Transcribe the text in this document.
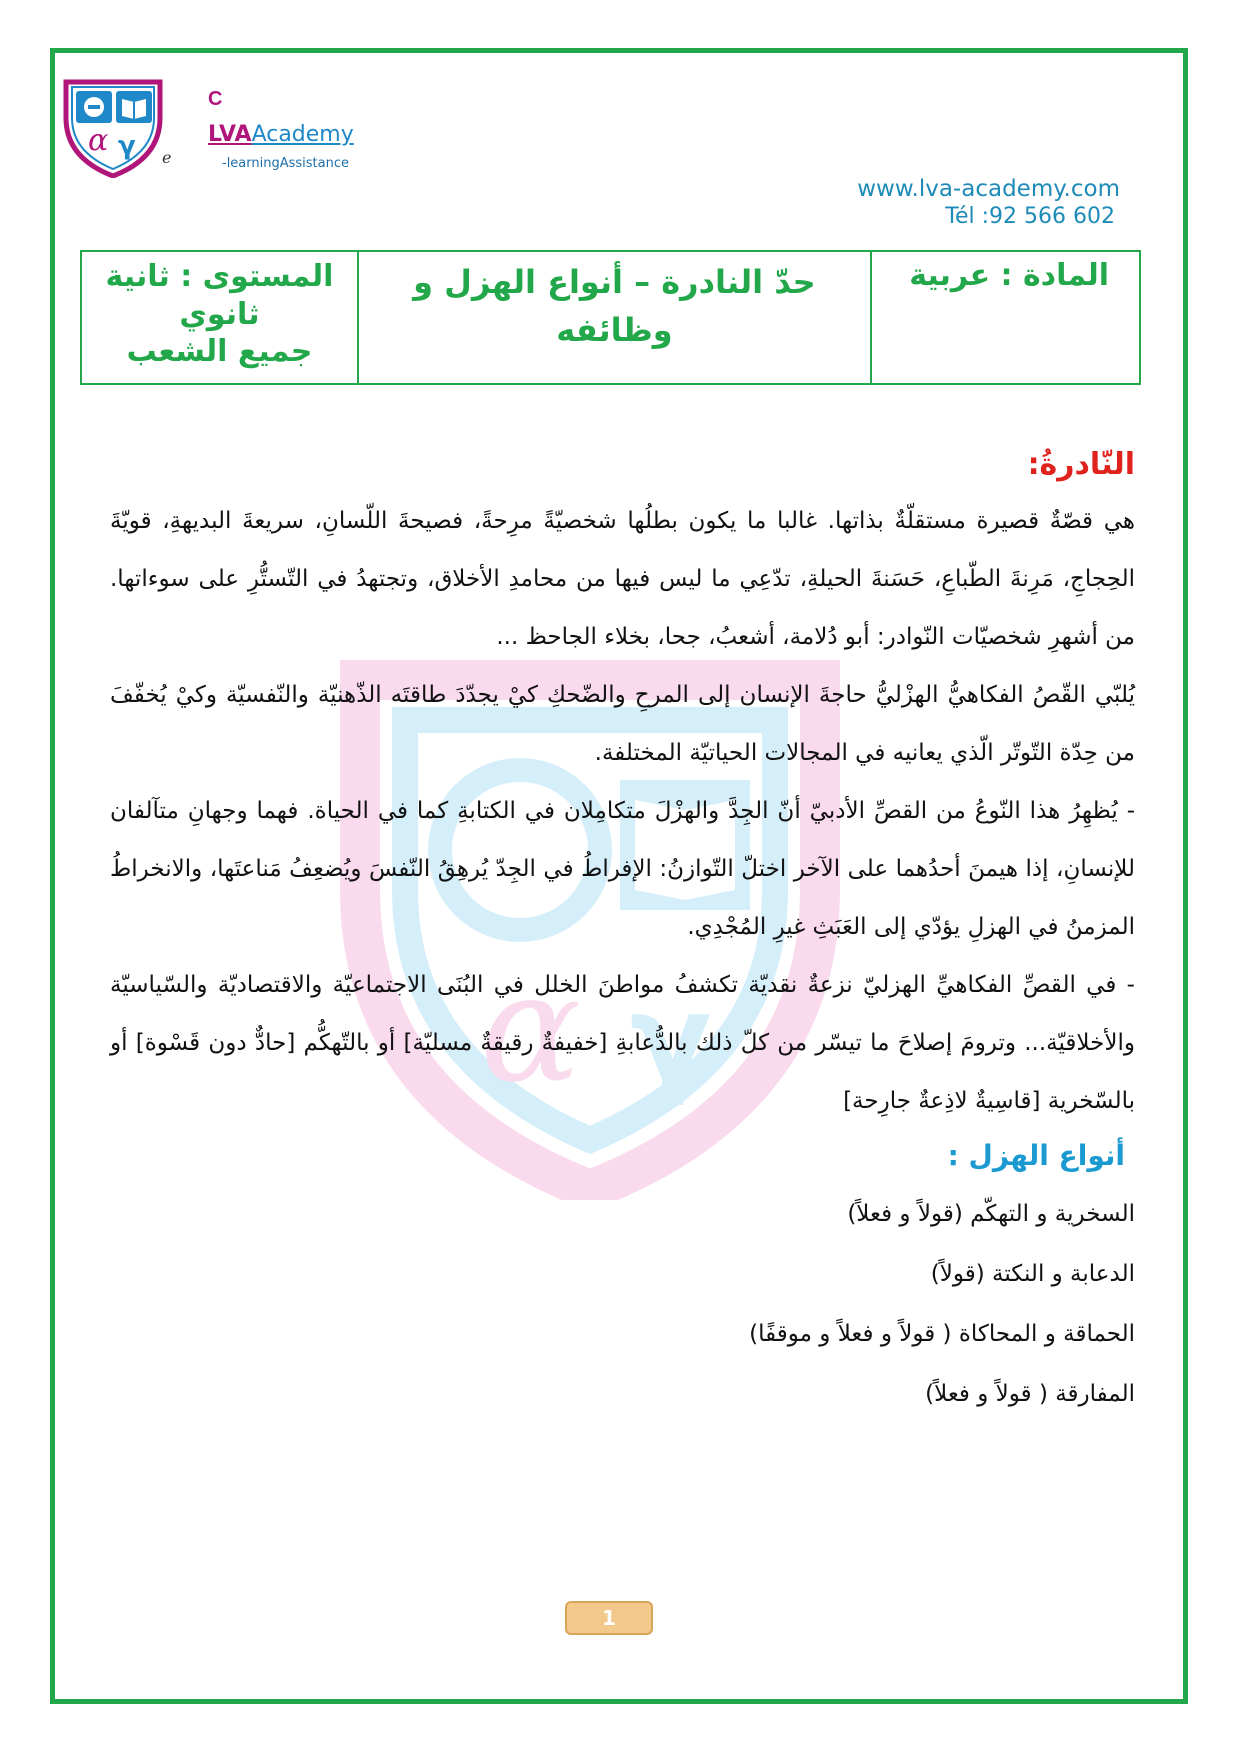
α γ e
C
LVAAcademy
-learningAssistance
www.lva-academy.com
Tél :92 566 602
المادة : عربية
حدّ النادرة – أنواع الهزل و وظائفه
المستوى : ثانية
ثانوي
جميع الشعب
α γ
النّادرةُ:

هي قصّةٌ قصيرة مستقلّةٌ بذاتها. غالبا ما يكون بطلُها شخصيّةً مرِحةً، فصيحةَ اللّسانِ، سريعةَ البديهةِ، قويّةَ الحِجاجِ، مَرِنةَ الطّباعِ، حَسَنةَ الحيلةِ، تدّعِي ما ليس فيها من محامدِ الأخلاق، وتجتهدُ في التّستُّرِ على سوءاتها. من أشهرِ شخصيّات النّوادر: أبو دُلامة، أشعبُ، جحا، بخلاء الجاحظ ...

يُلبّي القّصُ الفكاهيُّ الهزْليُّ حاجةَ الإنسان إلى المرحِ والضّحكِ كيْ يجدّدَ طاقتَه الذّهنيّة والنّفسيّة وكيْ يُخفّفَ من حِدّة التّوتّر الّذي يعانيه في المجالات الحياتيّة المختلفة.

- يُظهِرُ هذا النّوعُ من القصِّ الأدبيّ أنّ الجِدَّ والهزْلَ متكامِلان في الكتابةِ كما في الحياة. فهما وجهانِ متآلفان للإنسانِ، إذا هيمنَ أحدُهما على الآخر اختلّ التّوازنُ: الإفراطُ في الجِدّ يُرهِقُ النّفسَ ويُضعِفُ مَناعتَها، والانخراطُ المزمنُ في الهزلِ يؤدّي إلى العَبَثِ غيرِ المُجْدِي.

- في القصِّ الفكاهيِّ الهزليّ نزعةٌ نقديّة تكشفُ مواطنَ الخلل في البُنَى الاجتماعيّة والاقتصاديّة والسّياسيّة والأخلاقيّة... وترومَ إصلاحَ ما تيسّر من كلّ ذلك بالدُّعابةِ [خفيفةٌ رقيقةٌ مسليّة] أو بالتّهكُّم [حادٌّ دون قَسْوة] أو بالسّخرية [قاسِيةٌ لاذِعةٌ جارِحة]

أنواع الهزل :
السخرية و التهكّم (قولاً و فعلاً)
الدعابة و النكتة (قولاً)
الحماقة و المحاكاة ( قولاً و فعلاً و موقفًا)
المفارقة ( قولاً و فعلاً)
1
